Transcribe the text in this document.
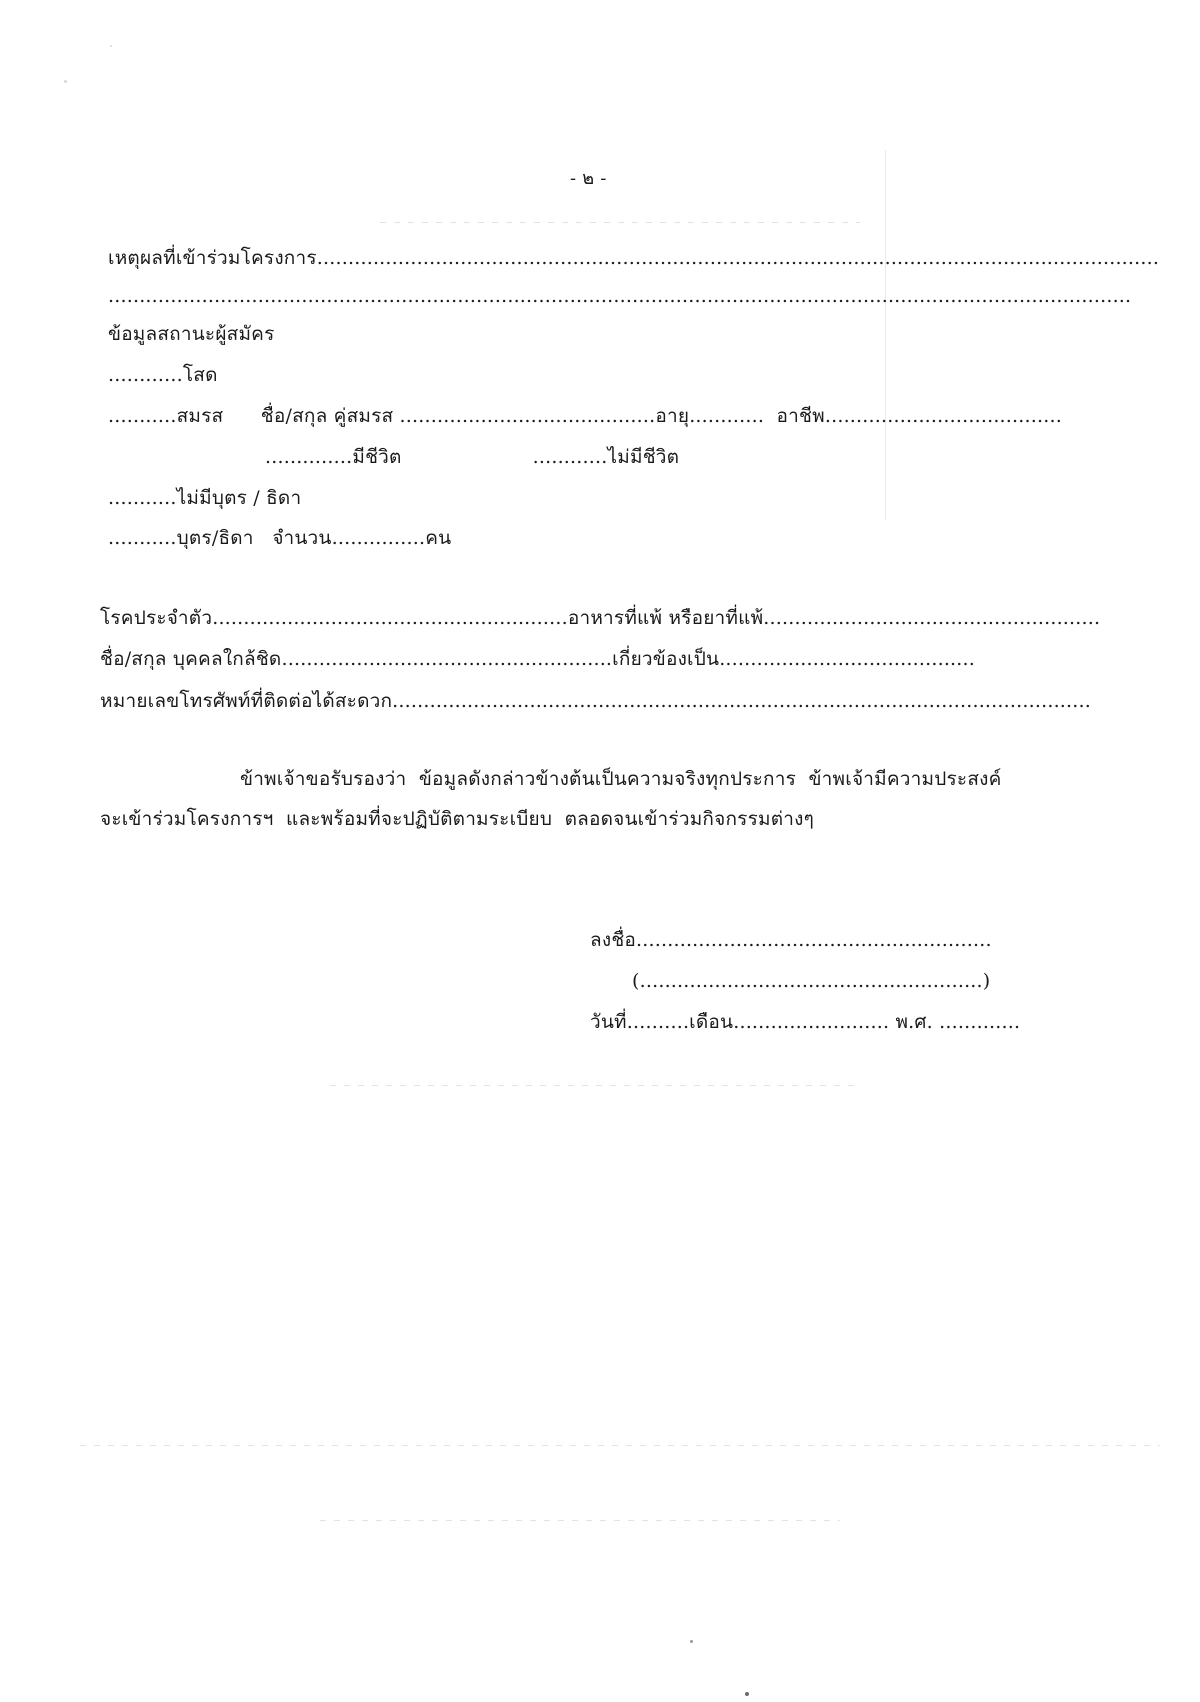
- ๒ -
เหตุผลที่เข้าร่วมโครงการ.......................................................................................................................................
....................................................................................................................................................................
ข้อมูลสถานะผู้สมัคร
............โสด
...........สมรส      ชื่อ/สกุล คู่สมรส .........................................อายุ............  อาชีพ......................................
..............มีชีวิต                     ............ไม่มีชีวิต
...........ไม่มีบุตร / ธิดา
...........บุตร/ธิดา   จำนวน...............คน
โรคประจำตัว.........................................................อาหารที่แพ้ หรือยาที่แพ้......................................................
ชื่อ/สกุล บุคคลใกล้ชิด.....................................................เกี่ยวข้องเป็น.........................................
หมายเลขโทรศัพท์ที่ติดต่อได้สะดวก................................................................................................................
ข้าพเจ้าขอรับรองว่า  ข้อมูลดังกล่าวข้างต้นเป็นความจริงทุกประการ  ข้าพเจ้ามีความประสงค์
จะเข้าร่วมโครงการฯ  และพร้อมที่จะปฏิบัติตามระเบียบ  ตลอดจนเข้าร่วมกิจกรรมต่างๆ
ลงชื่อ.........................................................
(.......................................................)
วันที่..........เดือน......................... พ.ศ. .............
